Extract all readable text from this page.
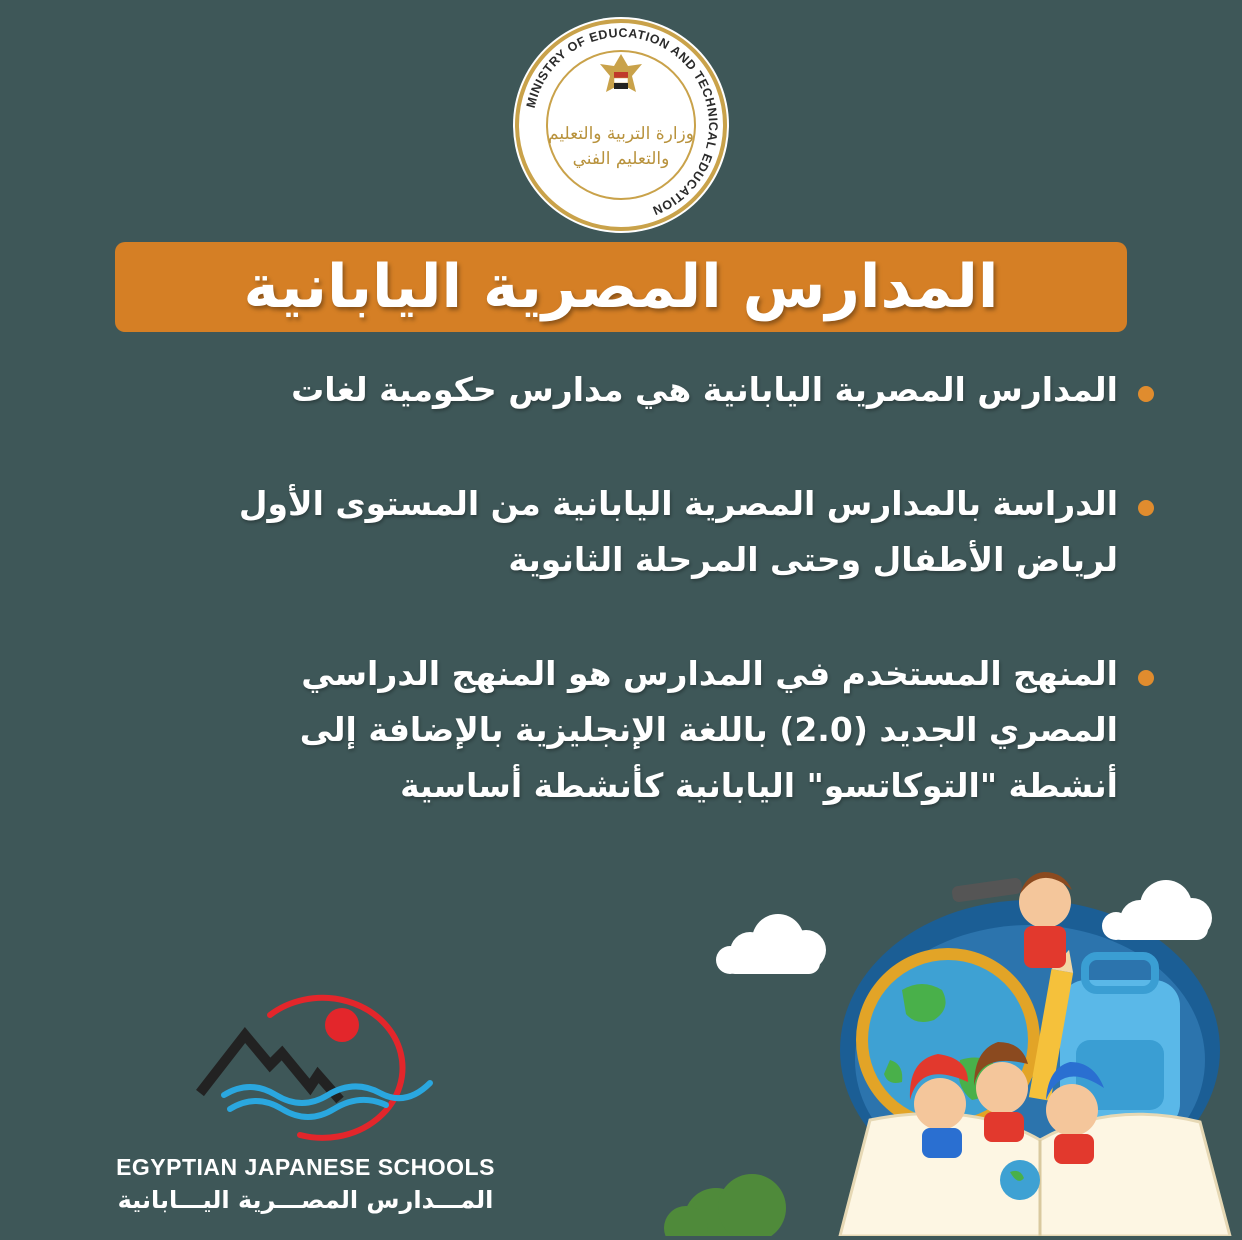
MINISTRY OF EDUCATION AND TECHNICAL EDUCATION
وزارة التربية والتعليم
والتعليم الفني
المدارس المصرية اليابانية
المدارس المصرية اليابانية هي مدارس حكومية لغات
الدراسة بالمدارس المصرية اليابانية من المستوى الأول
لرياض الأطفال وحتى المرحلة الثانوية
المنهج المستخدم في المدارس هو المنهج الدراسي
المصري الجديد (2.0) باللغة الإنجليزية بالإضافة إلى
أنشطة "التوكاتسو" اليابانية كأنشطة أساسية
EGYPTIAN JAPANESE SCHOOLS
المـــدارس المصـــرية اليـــابانية
